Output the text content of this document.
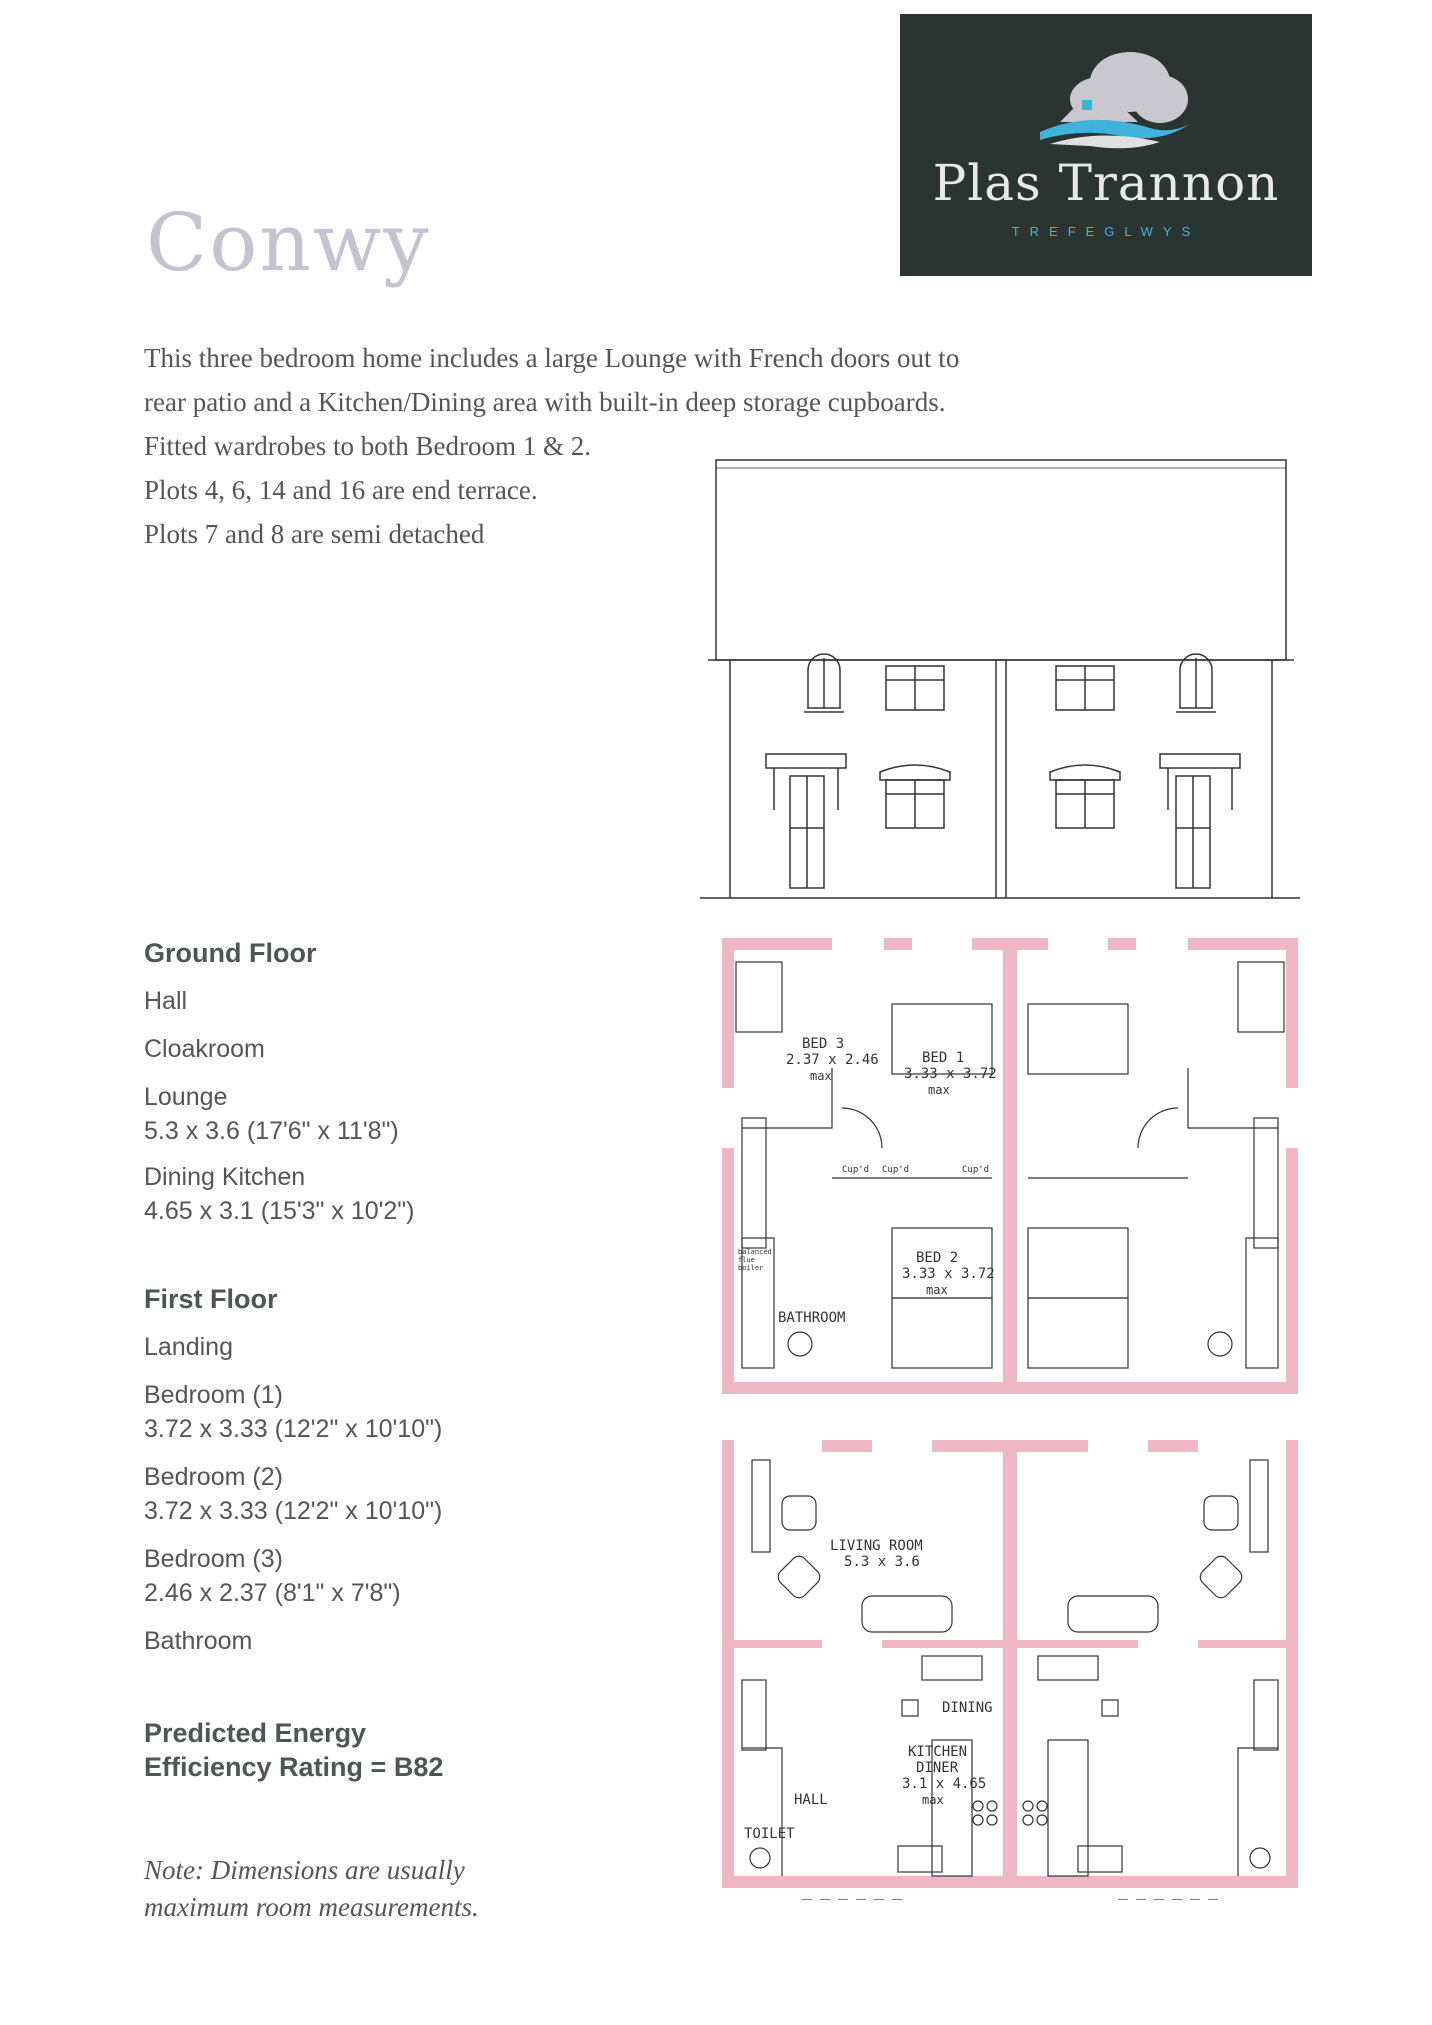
Plas Trannon
TREFEGLWYS
Conwy

This three bedroom home includes a large Lounge with French doors out to

rear patio and a Kitchen/Dining area with built-in deep storage cupboards.

Fitted wardrobes to both Bedroom 1 & 2.

Plots 4, 6, 14 and 16 are end terrace.

Plots 7 and 8 are semi detached

Ground Floor
Hall
Cloakroom
Lounge
5.3 x 3.6 (17'6" x 11'8")
Dining Kitchen
4.65 x 3.1 (15'3" x 10'2")
First Floor
Landing
Bedroom (1)
3.72 x 3.33 (12'2" x 10'10")
Bedroom (2)
3.72 x 3.33 (12'2" x 10'10")
Bedroom (3)
2.46 x 2.37 (8'1" x 7'8")
Bathroom
Predicted Energy
Efficiency Rating = B82
Note: Dimensions are usually
maximum room measurements.
BED 3
2.37 x 2.46
max
BED 1
3.33 x 3.72
max
BED 2
3.33 x 3.72
max
BATHROOM
Cup'd Cup'd	Cup'd
balanced
flue
boiler
LIVING ROOM
5.3 x 3.6
DINING
KITCHEN
DINER
3.1 x 4.65
max
HALL
TOILET
